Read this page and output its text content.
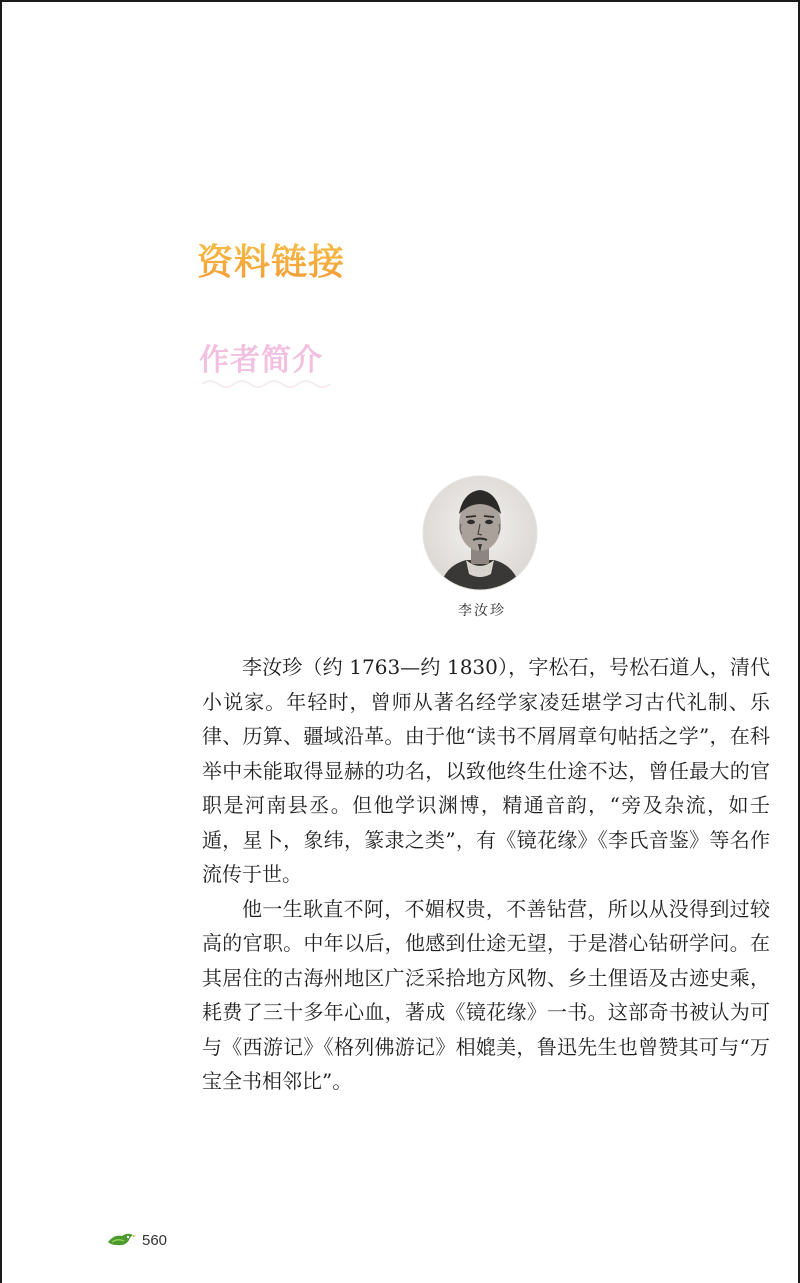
资料链接
作者简介
李汝珍

李汝珍（约 1763—约 1830），字松石，号松石道人，清代小说家。年轻时，曾师从著名经学家凌廷堪学习古代礼制、乐律、历算、疆域沿革。由于他“读书不屑屑章句帖括之学”，在科举中未能取得显赫的功名，以致他终生仕途不达，曾任最大的官职是河南县丞。但他学识渊博，精通音韵，“旁及杂流，如壬遁，星卜，象纬，篆隶之类”，有《镜花缘》《李氏音鉴》等名作流传于世。

他一生耿直不阿，不媚权贵，不善钻营，所以从没得到过较高的官职。中年以后，他感到仕途无望，于是潜心钻研学问。在其居住的古海州地区广泛采拾地方风物、乡土俚语及古迹史乘，耗费了三十多年心血，著成《镜花缘》一书。这部奇书被认为可与《西游记》《格列佛游记》相媲美，鲁迅先生也曾赞其可与“万宝全书相邻比”。

560
